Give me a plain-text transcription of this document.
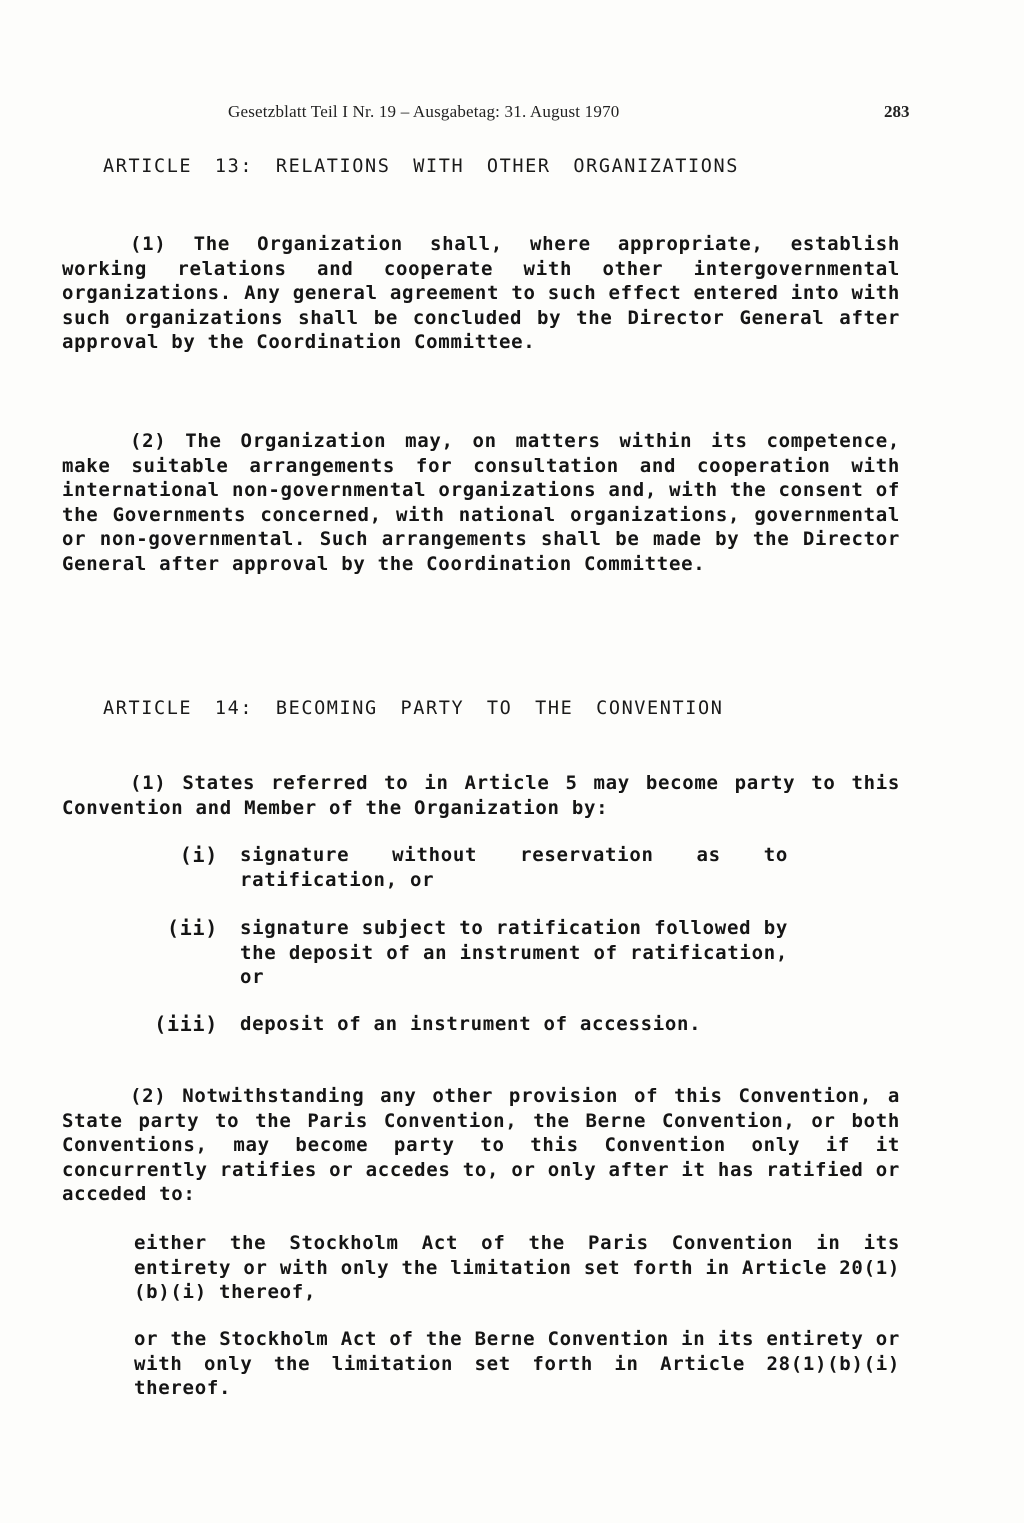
Gesetzblatt Teil I Nr. 19 – Ausgabetag: 31. August 1970	283
ARTICLE 13: RELATIONS WITH OTHER ORGANIZATIONS
(1) The Organization shall, where appropriate, establish working relations and cooperate with other intergovernmental organizations. Any general agreement to such effect entered into with such organizations shall be concluded by the Director General after approval by the Coordination Committee.
(2) The Organization may, on matters within its competence, make suitable arrangements for consultation and cooperation with international non-governmental organizations and, with the consent of the Governments concerned, with national organizations, governmental or non-governmental. Such arrangements shall be made by the Director General after approval by the Coordination Committee.
ARTICLE 14: BECOMING PARTY TO THE CONVENTION
(1) States referred to in Article 5 may become party to this Convention and Member of the Organization by:
(i) signature without reservation as to ratification, or
(ii) signature subject to ratification followed by the deposit of an instrument of ratification, or
(iii) deposit of an instrument of accession.
(2) Notwithstanding any other provision of this Convention, a State party to the Paris Convention, the Berne Convention, or both Conventions, may become party to this Convention only if it concurrently ratifies or accedes to, or only after it has ratified or acceded to:
either the Stockholm Act of the Paris Convention in its entirety or with only the limitation set forth in Article 20(1)(b)(i) thereof,
or the Stockholm Act of the Berne Convention in its entirety or with only the limitation set forth in Article 28(1)(b)(i) thereof.
